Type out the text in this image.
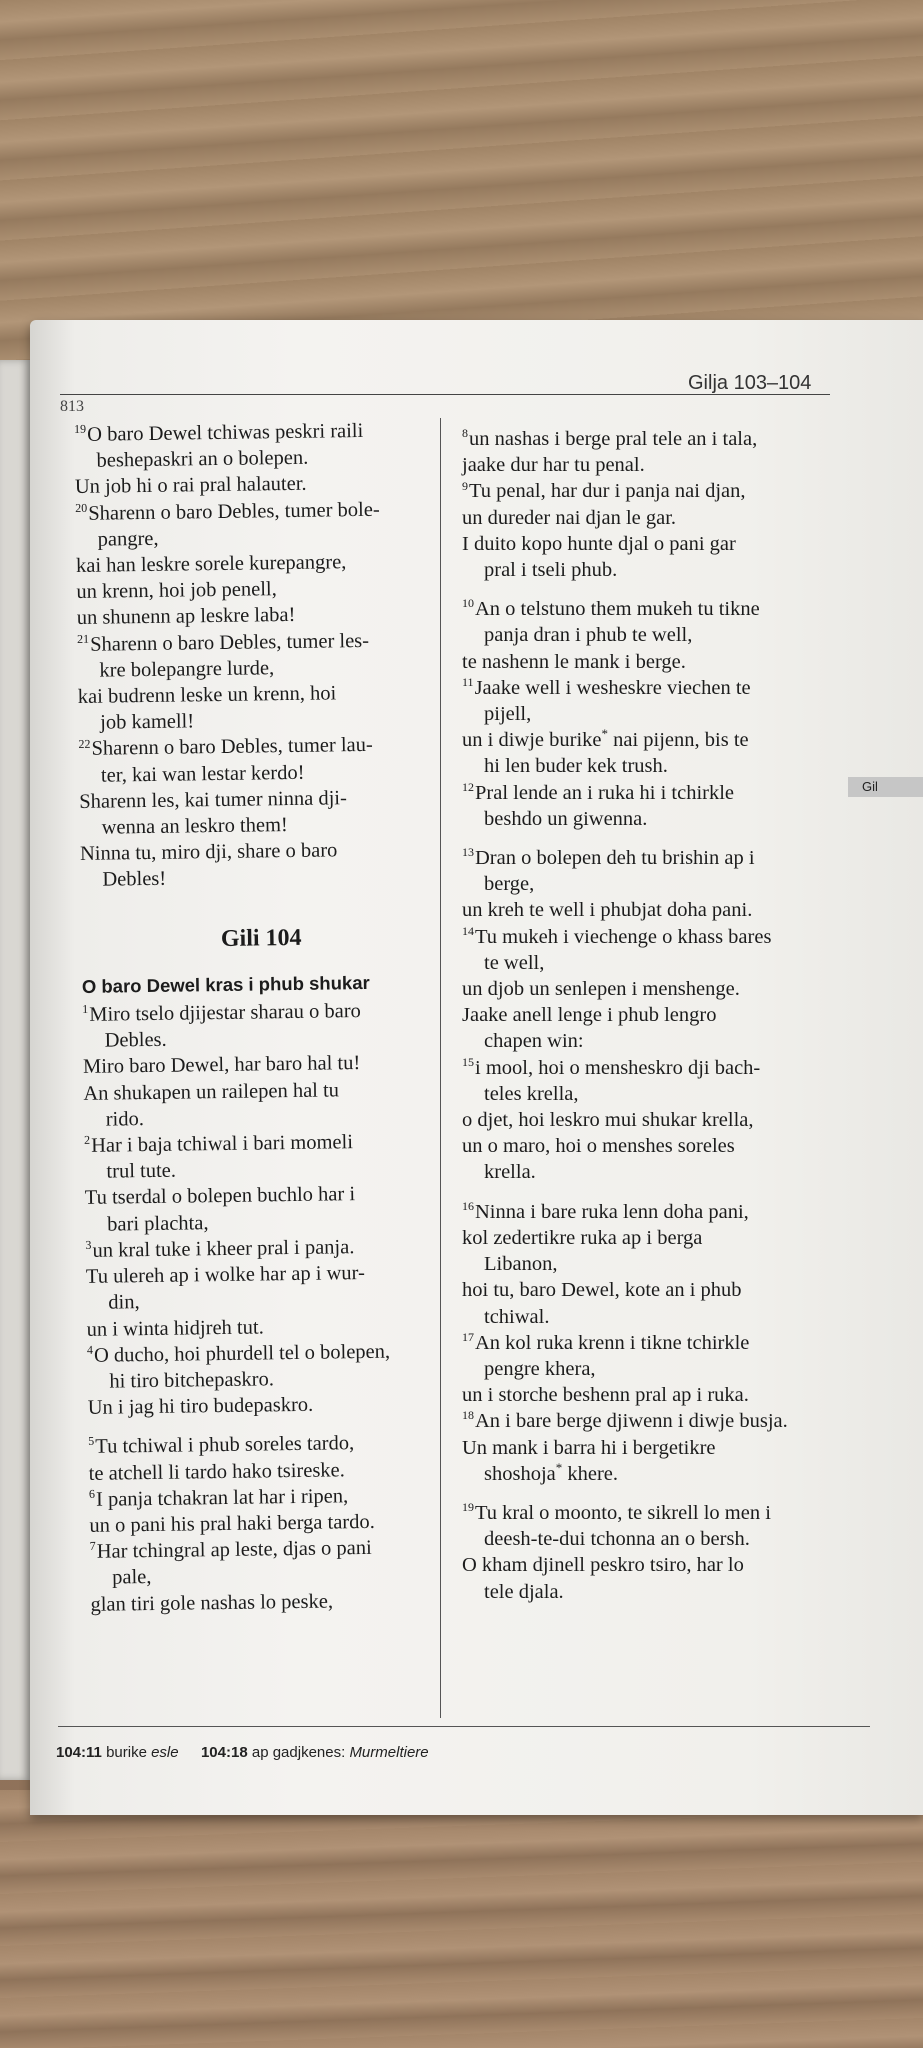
813
Gilja 103–104
Gil
$^{19}$O baro Dewel tchiwas peskri raili
beshepaskri an o bolepen.
Un job hi o rai pral halauter.
$^{20}$Sharenn o baro Debles, tumer bole-
pangre,
kai han leskre sorele kurepangre,
un krenn, hoi job penell,
un shunenn ap leskre laba!
$^{21}$Sharenn o baro Debles, tumer les-
kre bolepangre lurde,
kai budrenn leske un krenn, hoi
job kamell!
$^{22}$Sharenn o baro Debles, tumer lau-
ter, kai wan lestar kerdo!
Sharenn les, kai tumer ninna dji-
wenna an leskro them!
Ninna tu, miro dji, share o baro
Debles!
Gili 104
O baro Dewel kras i phub shukar
$^1$Miro tselo djijestar sharau o baro
Debles.
Miro baro Dewel, har baro hal tu!
An shukapen un railepen hal tu
rido.
$^2$Har i baja tchiwal i bari momeli
trul tute.
Tu tserdal o bolepen buchlo har i
bari plachta,
$^3$un kral tuke i kheer pral i panja.
Tu ulereh ap i wolke har ap i wur-
din,
un i winta hidjreh tut.
$^4$O ducho, hoi phurdell tel o bolepen,
hi tiro bitchepaskro.
Un i jag hi tiro budepaskro.
$^5$Tu tchiwal i phub soreles tardo,
te atchell li tardo hako tsireske.
$^6$I panja tchakran lat har i ripen,
un o pani his pral haki berga tardo.
$^7$Har tchingral ap leste, djas o pani
pale,
glan tiri gole nashas lo peske,
$^8$un nashas i berge pral tele an i tala,
jaake dur har tu penal.
$^9$Tu penal, har dur i panja nai djan,
un dureder nai djan le gar.
I duito kopo hunte djal o pani gar
pral i tseli phub.
$^{10}$An o telstuno them mukeh tu tikne
panja dran i phub te well,
te nashenn le mank i berge.
$^{11}$Jaake well i wesheskre viechen te
pijell,
un i diwje burike* nai pijenn, bis te
hi len buder kek trush.
$^{12}$Pral lende an i ruka hi i tchirkle
beshdo un giwenna.
$^{13}$Dran o bolepen deh tu brishin ap i
berge,
un kreh te well i phubjat doha pani.
$^{14}$Tu mukeh i viechenge o khass bares
te well,
un djob un senlepen i menshenge.
Jaake anell lenge i phub lengro
chapen win:
$^{15}$i mool, hoi o mensheskro dji bach-
teles krella,
o djet, hoi leskro mui shukar krella,
un o maro, hoi o menshes soreles
krella.
$^{16}$Ninna i bare ruka lenn doha pani,
kol zedertikre ruka ap i berga
Libanon,
hoi tu, baro Dewel, kote an i phub
tchiwal.
$^{17}$An kol ruka krenn i tikne tchirkle
pengre khera,
un i storche beshenn pral ap i ruka.
$^{18}$An i bare berge djiwenn i diwje busja.
Un mank i barra hi i bergetikre
shoshoja* khere.
$^{19}$Tu kral o moonto, te sikrell lo men i
deesh-te-dui tchonna an o bersh.
O kham djinell peskro tsiro, har lo
tele djala.
104:11 burike esle 104:18 ap gadjkenes: Murmeltiere
